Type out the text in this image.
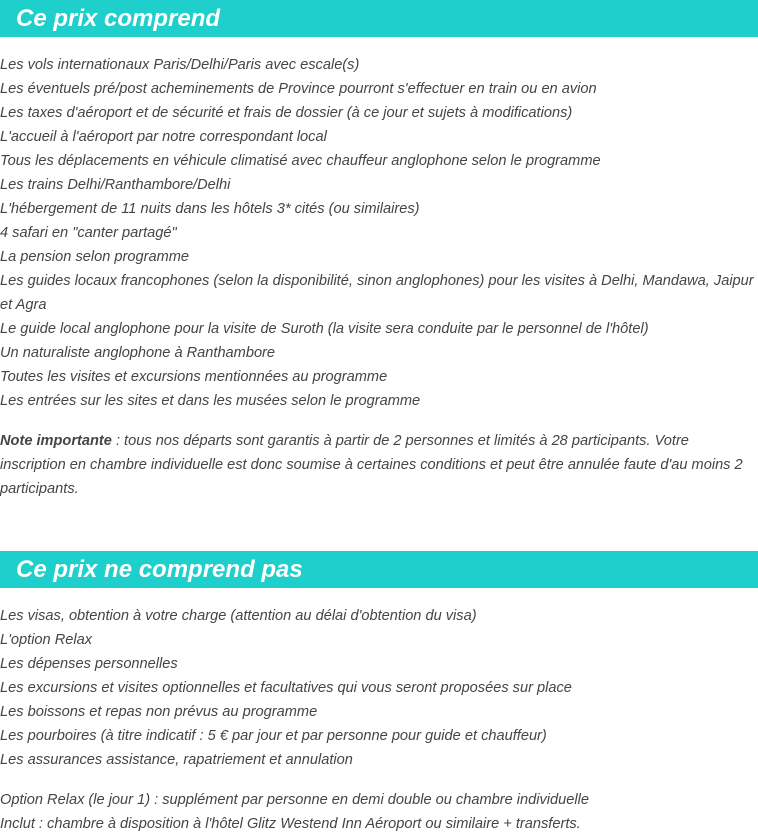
Ce prix comprend
Les vols internationaux Paris/Delhi/Paris avec escale(s)
Les éventuels pré/post acheminements de Province pourront s'effectuer en train ou en avion
Les taxes d'aéroport et de sécurité et frais de dossier (à ce jour et sujets à modifications)
L'accueil à l'aéroport par notre correspondant local
Tous les déplacements en véhicule climatisé avec chauffeur anglophone selon le programme
Les trains Delhi/Ranthambore/Delhi
L'hébergement de 11 nuits dans les hôtels 3* cités (ou similaires)
4 safari en "canter partagé"
La pension selon programme
Les guides locaux francophones (selon la disponibilité, sinon anglophones) pour les visites à Delhi, Mandawa, Jaipur et Agra
Le guide local anglophone pour la visite de Suroth (la visite sera conduite par le personnel de l'hôtel)
Un naturaliste anglophone à Ranthambore
Toutes les visites et excursions mentionnées au programme
Les entrées sur les sites et dans les musées selon le programme

Note importante : tous nos départs sont garantis à partir de 2 personnes et limités à 28 participants. Votre inscription en chambre individuelle est donc soumise à certaines conditions et peut être annulée faute d'au moins 2 participants.

Ce prix ne comprend pas
Les visas, obtention à votre charge (attention au délai d'obtention du visa)
L'option Relax
Les dépenses personnelles
Les excursions et visites optionnelles et facultatives qui vous seront proposées sur place
Les boissons et repas non prévus au programme
Les pourboires (à titre indicatif : 5 € par jour et par personne pour guide et chauffeur)
Les assurances assistance, rapatriement et annulation

Option Relax (le jour 1) : supplément par personne en demi double ou chambre individuelle

Inclut : chambre à disposition à l'hôtel Glitz Westend Inn Aéroport ou similaire + transferts.
